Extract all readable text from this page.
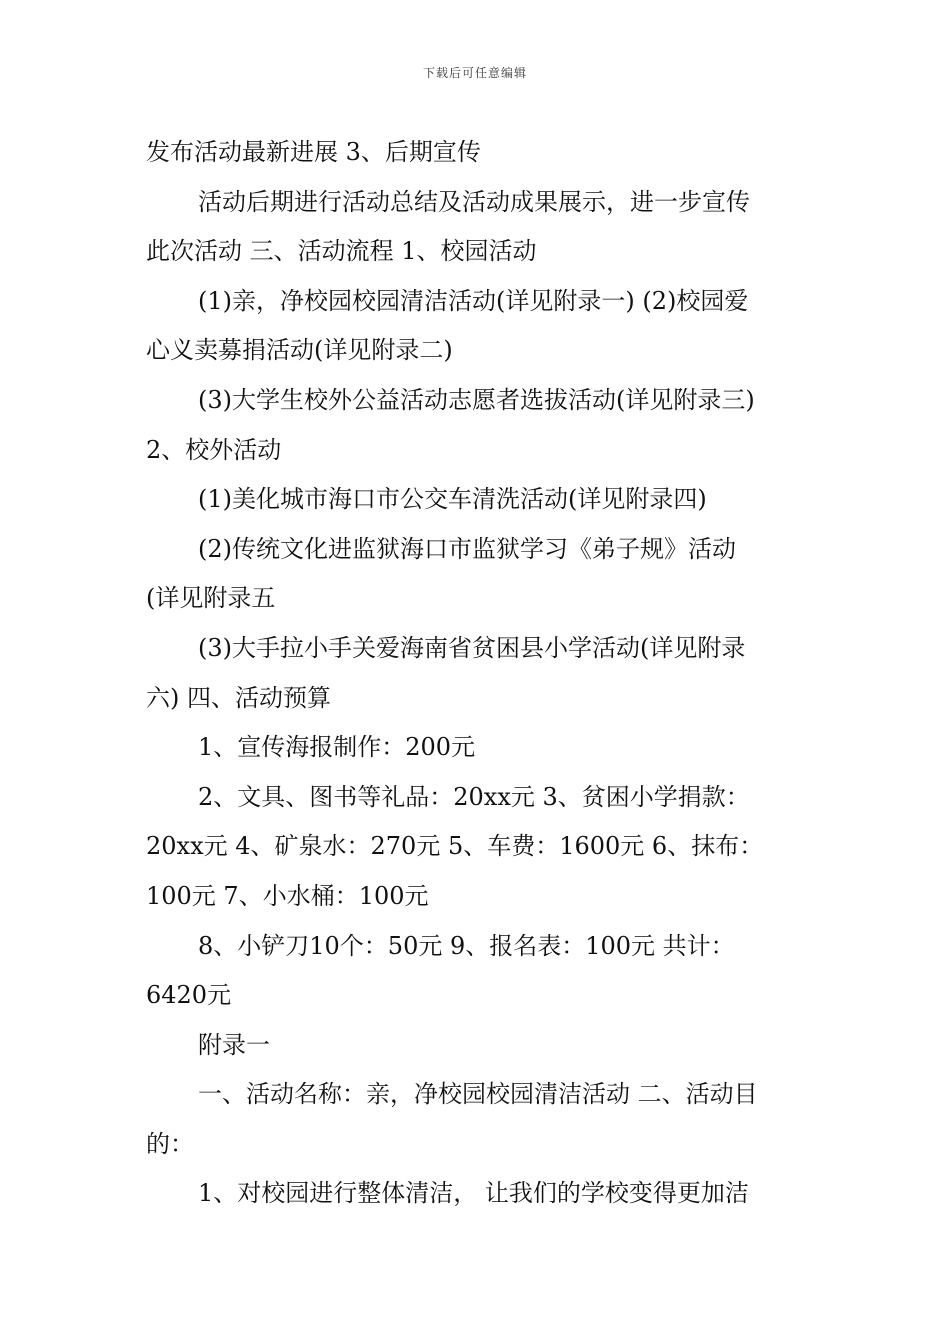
下载后可任意编辑

发布活动最新进展 3、后期宣传

活动后期进行活动总结及活动成果展示，进一步宣传

此次活动 三、活动流程 1、校园活动

(1)亲，净校园校园清洁活动(详见附录一) (2)校园爱

心义卖募捐活动(详见附录二)

(3)大学生校外公益活动志愿者选拔活动(详见附录三)

2、校外活动

(1)美化城市海口市公交车清洗活动(详见附录四)

(2)传统文化进监狱海口市监狱学习《弟子规》活动

(详见附录五

(3)大手拉小手关爱海南省贫困县小学活动(详见附录

六) 四、活动预算

1、宣传海报制作：200元

2、文具、图书等礼品：20xx元 3、贫困小学捐款：

20xx元 4、矿泉水：270元 5、车费：1600元 6、抹布：

100元 7、小水桶：100元

8、小铲刀10个：50元 9、报名表：100元 共计：

6420元

附录一

一、活动名称：亲，净校园校园清洁活动 二、活动目

的：

1、对校园进行整体清洁， 让我们的学校变得更加洁
